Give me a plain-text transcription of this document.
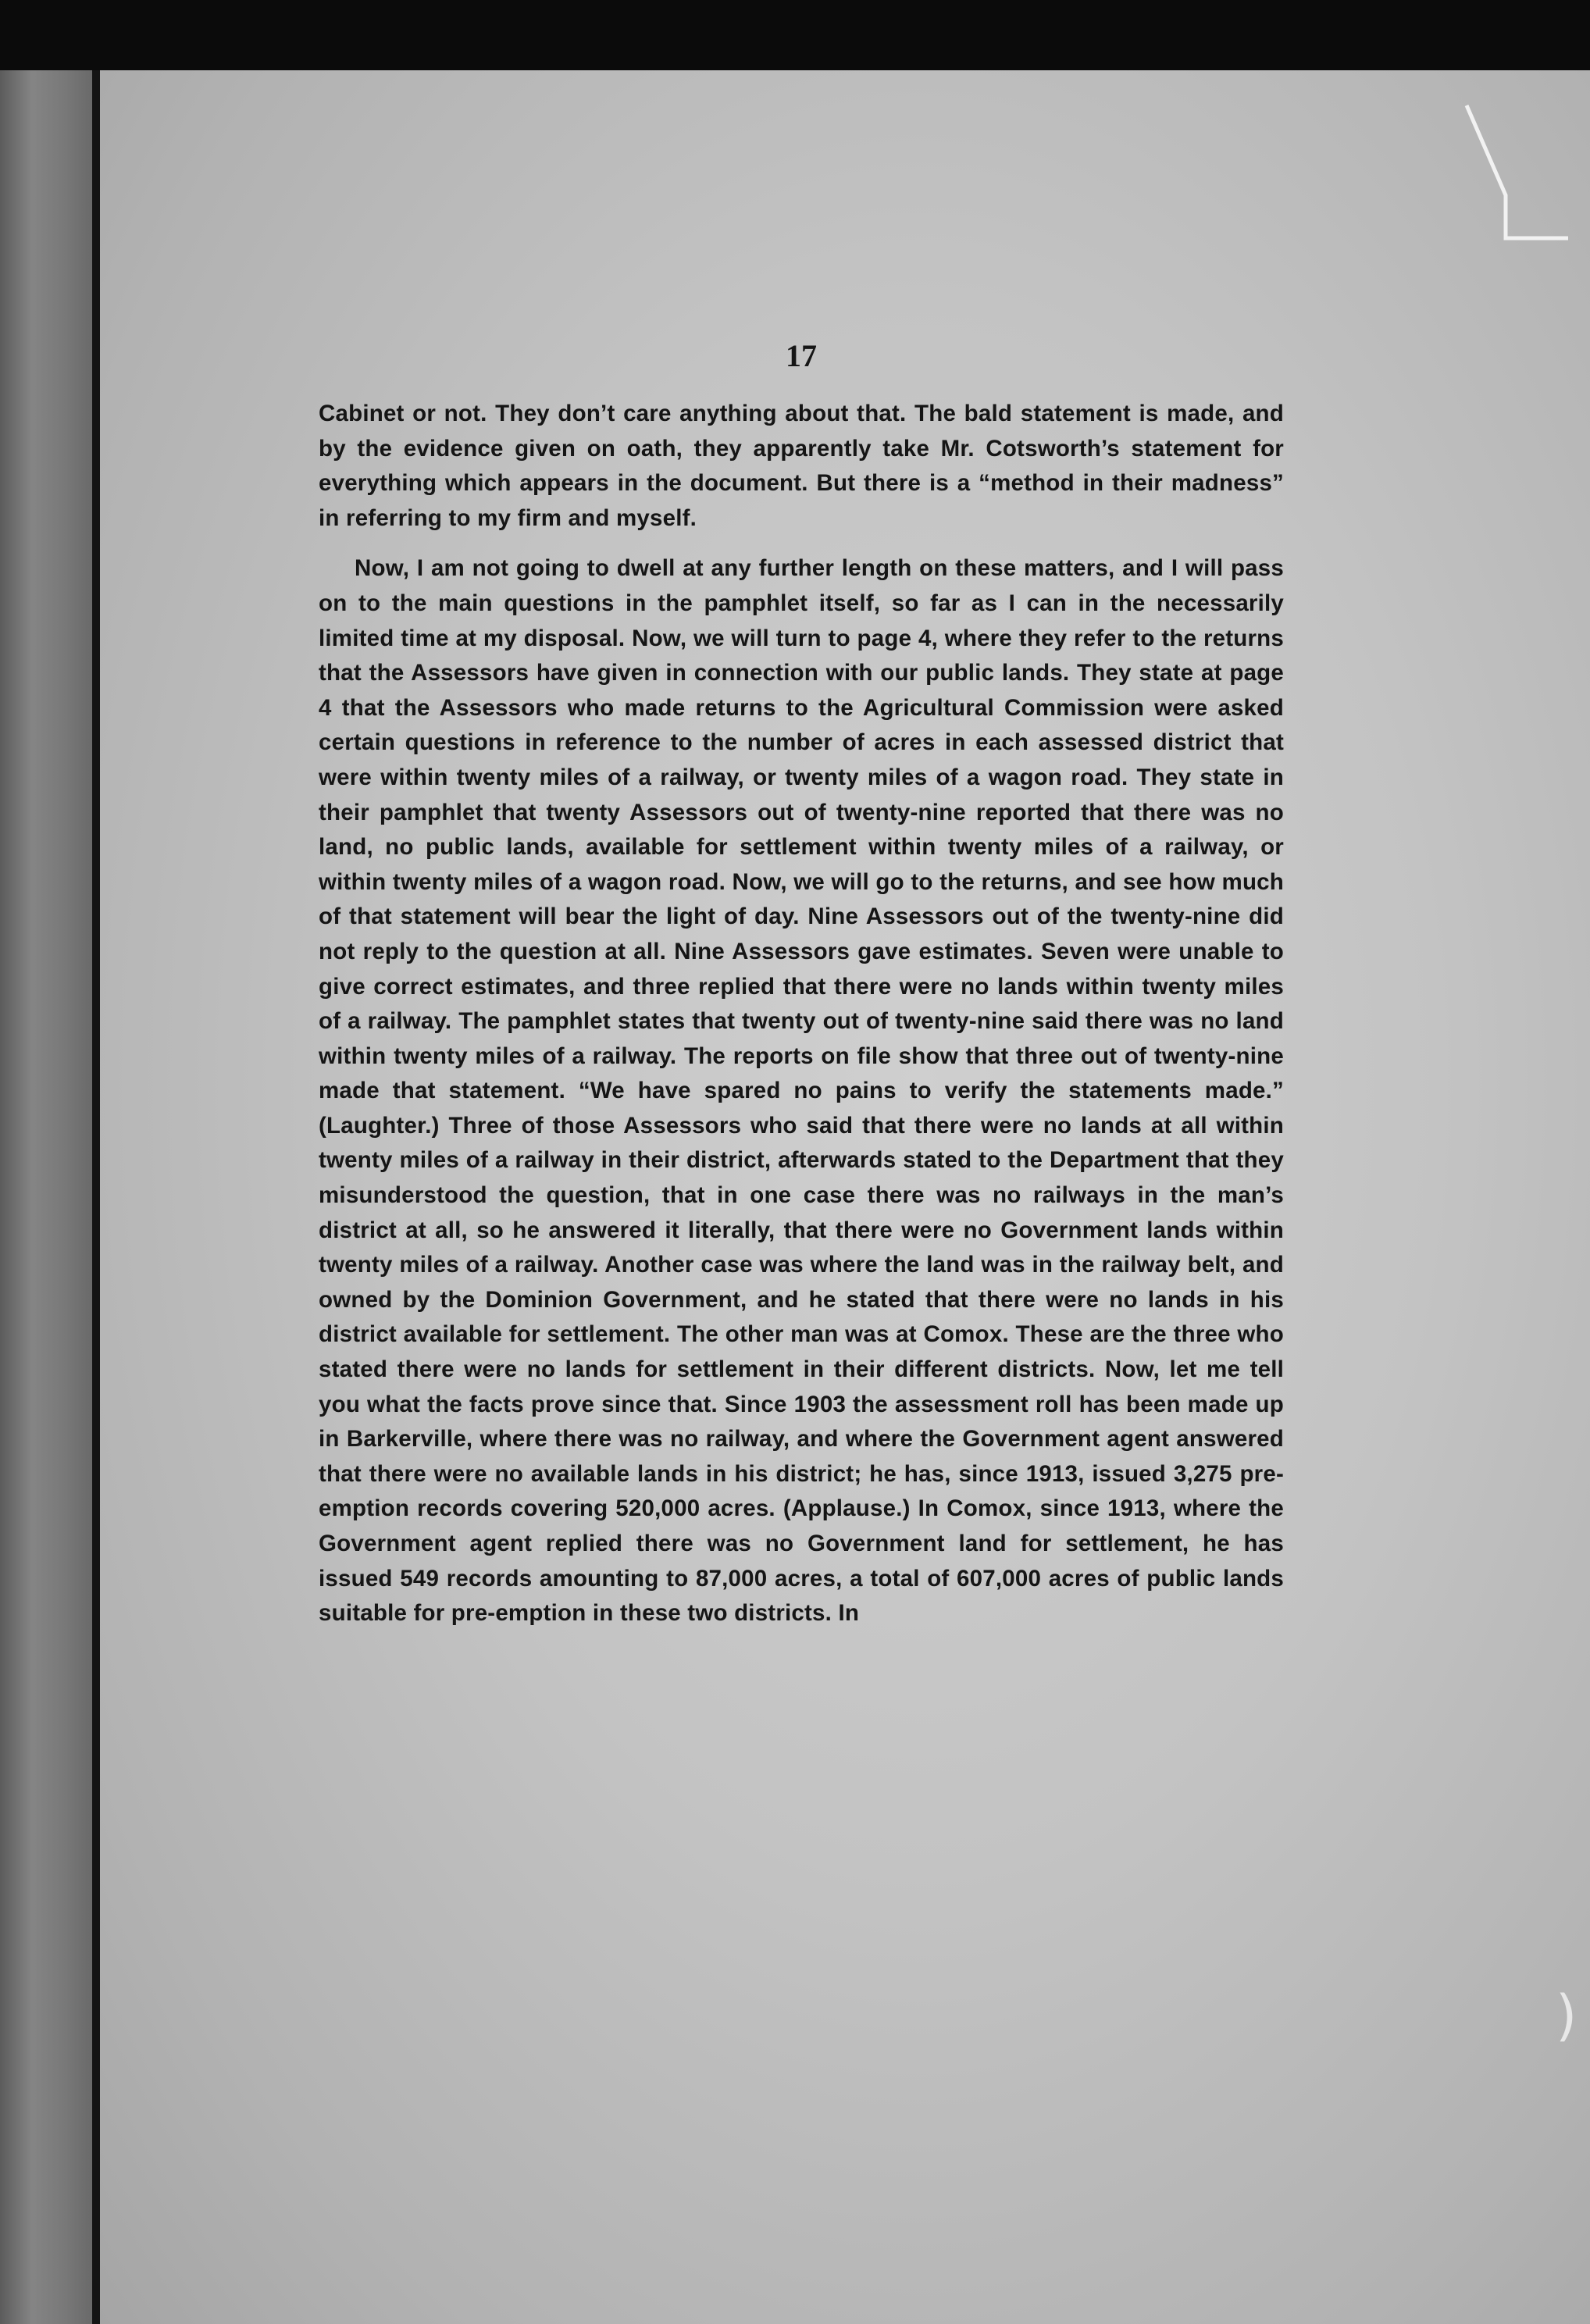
17

Cabinet or not. They don’t care anything about that. The bald statement is made, and by the evidence given on oath, they apparently take Mr. Cotsworth’s statement for everything which appears in the document. But there is a “method in their madness” in referring to my firm and myself.

Now, I am not going to dwell at any further length on these matters, and I will pass on to the main questions in the pamphlet itself, so far as I can in the necessarily limited time at my disposal. Now, we will turn to page 4, where they refer to the returns that the Assessors have given in connection with our public lands. They state at page 4 that the Assessors who made returns to the Agricultural Commission were asked certain questions in reference to the number of acres in each assessed district that were within twenty miles of a railway, or twenty miles of a wagon road. They state in their pamphlet that twenty Assessors out of twenty-nine reported that there was no land, no public lands, available for settlement within twenty miles of a railway, or within twenty miles of a wagon road. Now, we will go to the returns, and see how much of that statement will bear the light of day. Nine Assessors out of the twenty-nine did not reply to the question at all. Nine Assessors gave estimates. Seven were unable to give correct estimates, and three replied that there were no lands within twenty miles of a railway. The pamphlet states that twenty out of twenty-nine said there was no land within twenty miles of a railway. The reports on file show that three out of twenty-nine made that statement. “We have spared no pains to verify the statements made.” (Laughter.) Three of those Assessors who said that there were no lands at all within twenty miles of a railway in their district, afterwards stated to the Department that they misunderstood the question, that in one case there was no railways in the man’s district at all, so he answered it literally, that there were no Government lands within twenty miles of a railway. Another case was where the land was in the railway belt, and owned by the Dominion Government, and he stated that there were no lands in his district available for settlement. The other man was at Comox. These are the three who stated there were no lands for settlement in their different districts. Now, let me tell you what the facts prove since that. Since 1903 the assessment roll has been made up in Barkerville, where there was no railway, and where the Government agent answered that there were no available lands in his district; he has, since 1913, issued 3,275 pre-emption records covering 520,000 acres. (Applause.) In Comox, since 1913, where the Government agent replied there was no Government land for settlement, he has issued 549 records amounting to 87,000 acres, a total of 607,000 acres of public lands suitable for pre-emption in these two districts. In

)
